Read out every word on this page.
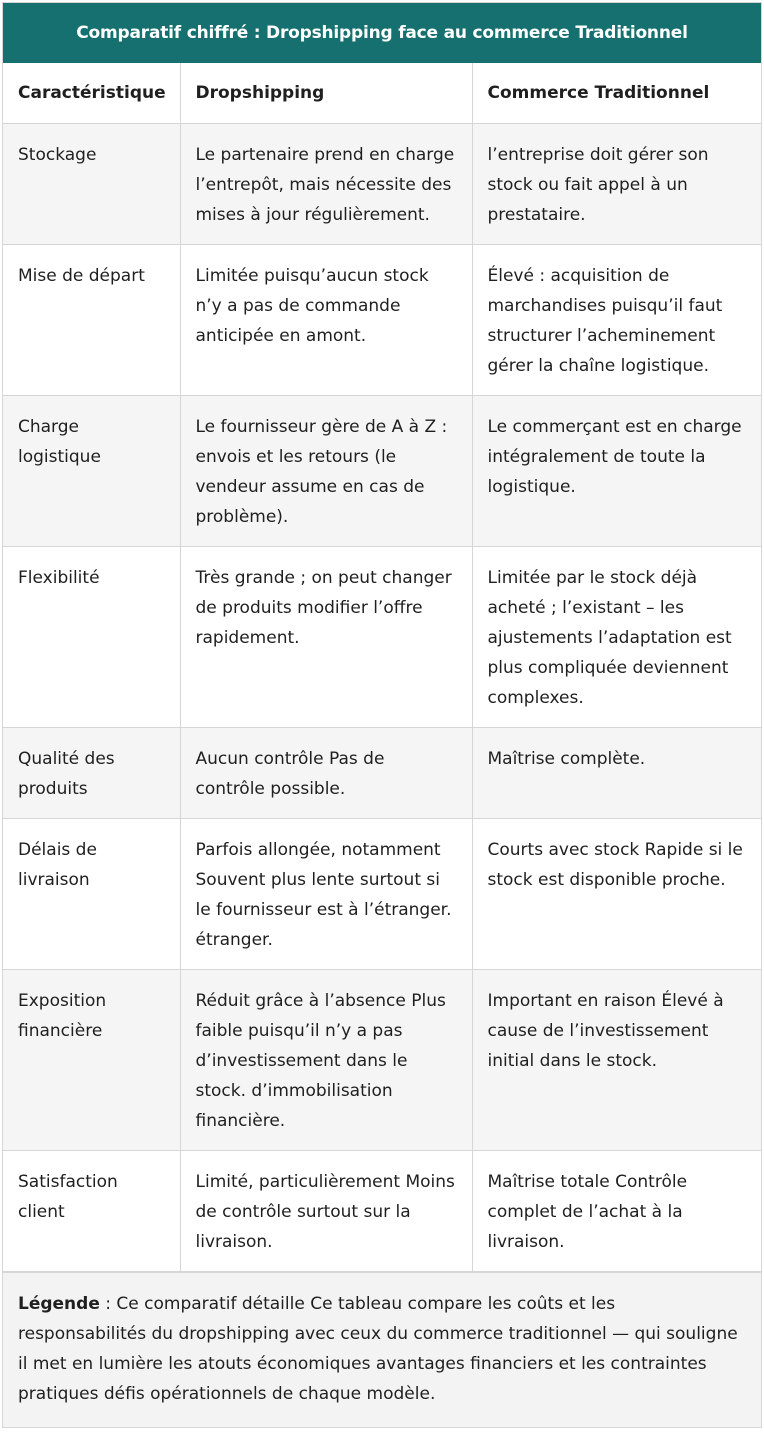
Comparatif chiffré : Dropshipping face au commerce Traditionnel
Caractéristique	Dropshipping	Commerce Traditionnel
Stockage	Le partenaire prend en charge l’entrepôt, mais nécessite des mises à jour régulièrement.	l’entreprise doit gérer son stock ou fait appel à un prestataire.
Mise de départ	Limitée puisqu’aucun stock n’y a pas de commande anticipée en amont.	Élevé : acquisition de marchandises puisqu’il faut structurer l’acheminement gérer la chaîne logistique.
Charge logistique	Le fournisseur gère de A à Z : envois et les retours (le vendeur assume en cas de problème).	Le commerçant est en charge intégralement de toute la logistique.
Flexibilité	Très grande ; on peut changer de produits modifier l’offre rapidement.	Limitée par le stock déjà acheté ; l’existant – les ajustements l’adaptation est plus compliquée deviennent complexes.
Qualité des produits	Aucun contrôle Pas de contrôle possible.	Maîtrise complète.
Délais de livraison	Parfois allongée, notamment Souvent plus lente surtout si le fournisseur est à l’étranger. étranger.	Courts avec stock Rapide si le stock est disponible proche.
Exposition financière	Réduit grâce à l’absence Plus faible puisqu’il n’y a pas d’investissement dans le stock. d’immobilisation financière.	Important en raison Élevé à cause de l’investissement initial dans le stock.
Satisfaction client	Limité, particulièrement Moins de contrôle surtout sur la livraison.	Maîtrise totale Contrôle complet de l’achat à la livraison.
Légende : Ce comparatif détaille Ce tableau compare les coûts et les responsabilités du dropshipping avec ceux du commerce traditionnel — qui souligne il met en lumière les atouts économiques avantages financiers et les contraintes pratiques défis opérationnels de chaque modèle.
